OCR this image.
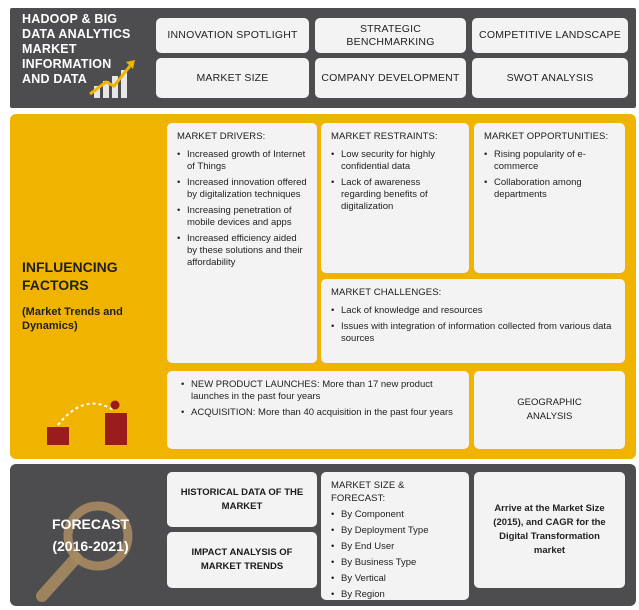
HADOOP & BIG
DATA ANALYTICS
MARKET
INFORMATION
AND DATA
INNOVATION SPOTLIGHT
STRATEGIC BENCHMARKING
COMPETITIVE LANDSCAPE
MARKET SIZE	COMPANY DEVELOPMENT	SWOT ANALYSIS
INFLUENCING
FACTORS
(Market Trends and
Dynamics)
MARKET DRIVERS:
• Increased growth of Internet of Things
• Increased innovation offered by digitalization techniques
• Increasing penetration of mobile devices and apps
• Increased efficiency aided by these solutions and their affordability
MARKET RESTRAINTS:
• Low security for highly confidential data
• Lack of awareness regarding benefits of digitalization
MARKET OPPORTUNITIES:
• Rising popularity of e-commerce
• Collaboration among departments
MARKET CHALLENGES:
• Lack of knowledge and resources
• Issues with integration of information collected from various data sources
• NEW PRODUCT LAUNCHES: More than 17 new product launches in the past four years
• ACQUISITION: More than 40 acquisition in the past four years
GEOGRAPHIC ANALYSIS
FORECAST
(2016-2021)
HISTORICAL DATA OF THE MARKET
IMPACT ANALYSIS OF MARKET TRENDS
MARKET SIZE & FORECAST:
• By Component
• By Deployment Type
• By End User
• By Business Type
• By Vertical
• By Region
Arrive at the Market Size (2015), and CAGR for the Digital Transformation market
